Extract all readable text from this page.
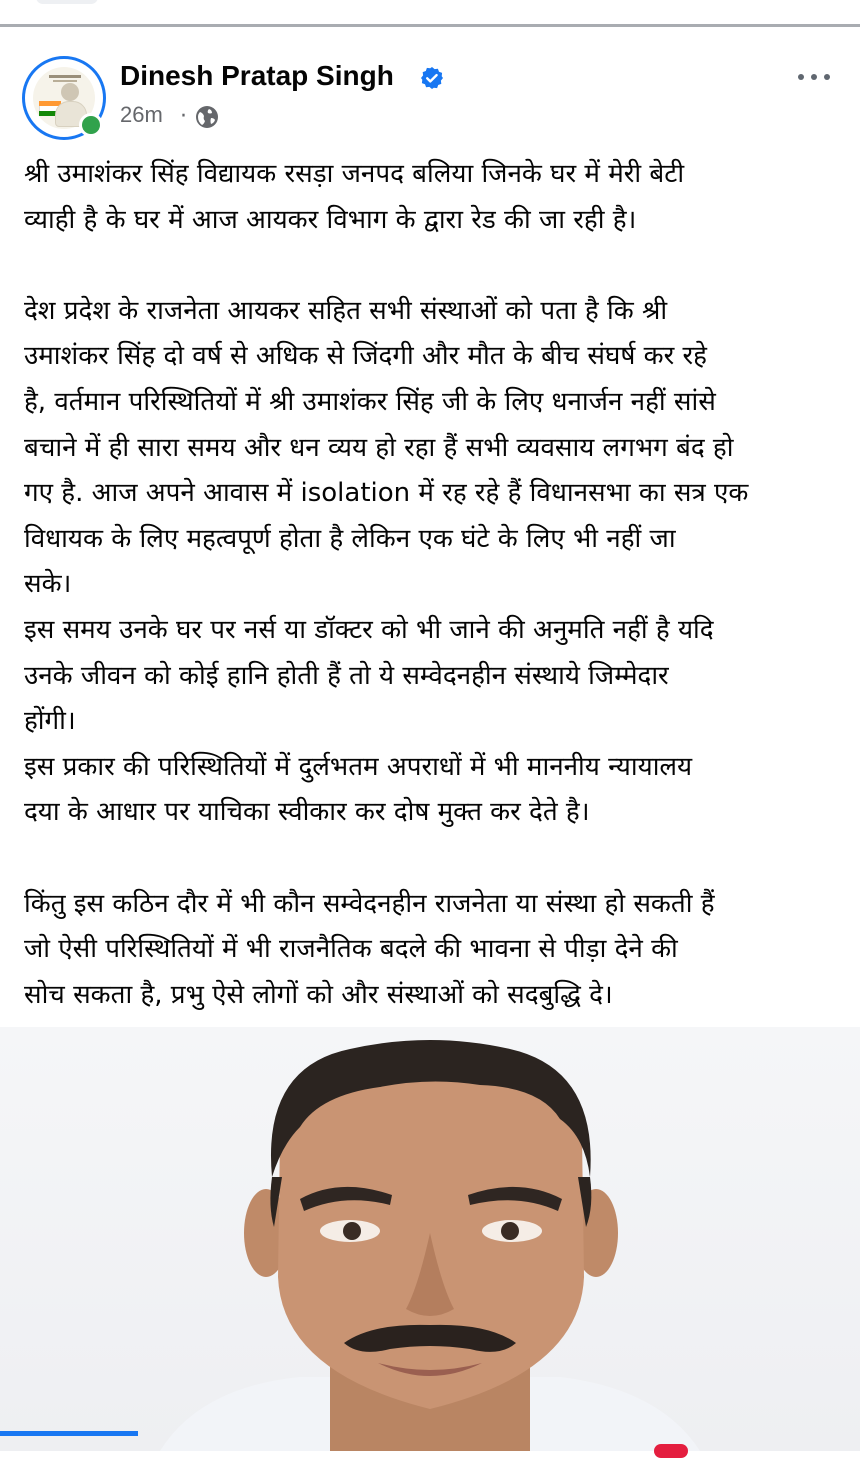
Dinesh Pratap Singh
26m ·

श्री उमाशंकर सिंह विद्यायक रसड़ा जनपद बलिया जिनके घर में मेरी बेटी

व्याही है के घर में आज आयकर विभाग के द्वारा रेड की जा रही है।

देश प्रदेश के राजनेता आयकर सहित सभी संस्थाओं को पता है कि श्री

उमाशंकर सिंह दो वर्ष से अधिक से जिंदगी और मौत के बीच संघर्ष कर रहे

है, वर्तमान परिस्थितियों में श्री उमाशंकर सिंह जी के लिए धनार्जन नहीं सांसे

बचाने में ही सारा समय और धन व्यय हो रहा हैं सभी व्यवसाय लगभग बंद हो

गए है. आज अपने आवास में isolation में रह रहे हैं विधानसभा का सत्र एक

विधायक के लिए महत्वपूर्ण होता है लेकिन एक घंटे के लिए भी नहीं जा

सके।

इस समय उनके घर पर नर्स या डॉक्टर को भी जाने की अनुमति नहीं है यदि

उनके जीवन को कोई हानि होती हैं तो ये सम्वेदनहीन संस्थाये जिम्मेदार

होंगी।

इस प्रकार की परिस्थितियों में दुर्लभतम अपराधों में भी माननीय न्यायालय

दया के आधार पर याचिका स्वीकार कर दोष मुक्त कर देते है।

किंतु इस कठिन दौर में भी कौन सम्वेदनहीन राजनेता या संस्था हो सकती हैं

जो ऐसी परिस्थितियों में भी राजनैतिक बदले की भावना से पीड़ा देने की

सोच सकता है, प्रभु ऐसे लोगों को और संस्थाओं को सदबुद्धि दे।
